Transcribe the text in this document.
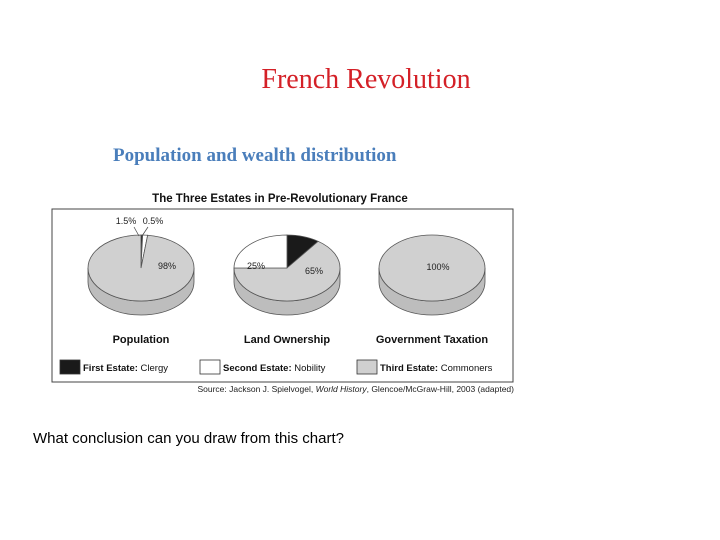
French Revolution
Population and wealth distribution
The Three Estates in Pre-Revolutionary France
0.5%
1.5%
98%
Population
10%
65%
25%
Land Ownership
100%
Government Taxation
First Estate: Clergy	Second Estate: Nobility	Third Estate: Commoners
Source: Jackson J. Spielvogel, World History, Glencoe/McGraw-Hill, 2003 (adapted)

What conclusion can you draw from this chart?
